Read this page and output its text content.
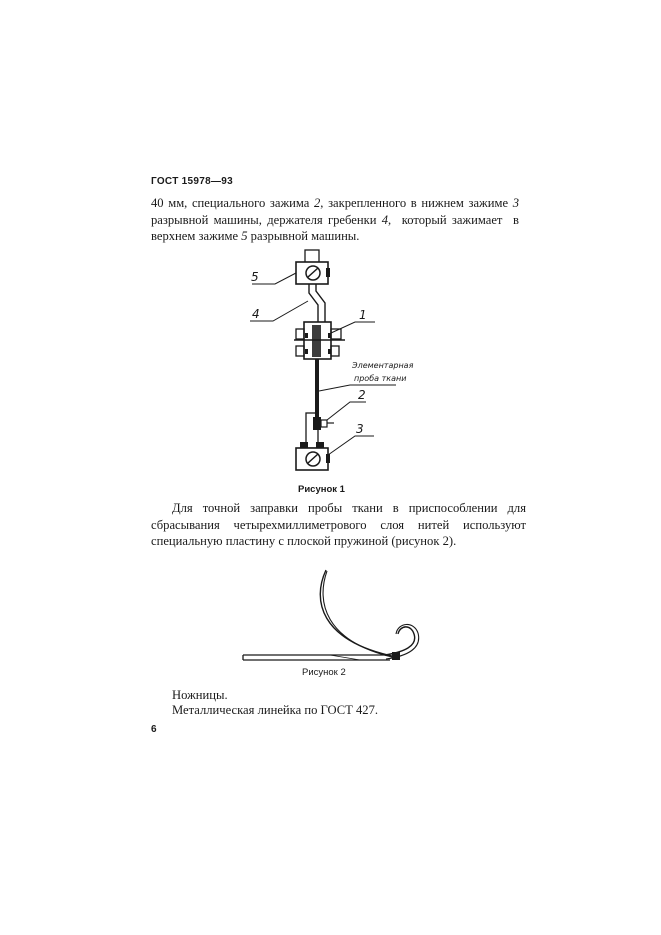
ГОСТ 15978—93
40 мм, специального зажима 2, закрепленного в нижнем зажиме 3 разрывной машины, держателя гребенки 4,  который зажимает  в верхнем зажиме 5 разрывной машины.
5
4	1
2
3
Элементарная
проба ткани
Рисунок 1
Для точной заправки пробы ткани в приспособлении для сбрасывания четырехмиллиметрового слоя нитей используют специальную пластину с плоской пружиной (рисунок 2).
Рисунок 2
Ножницы.
Металлическая линейка по ГОСТ 427.
6
